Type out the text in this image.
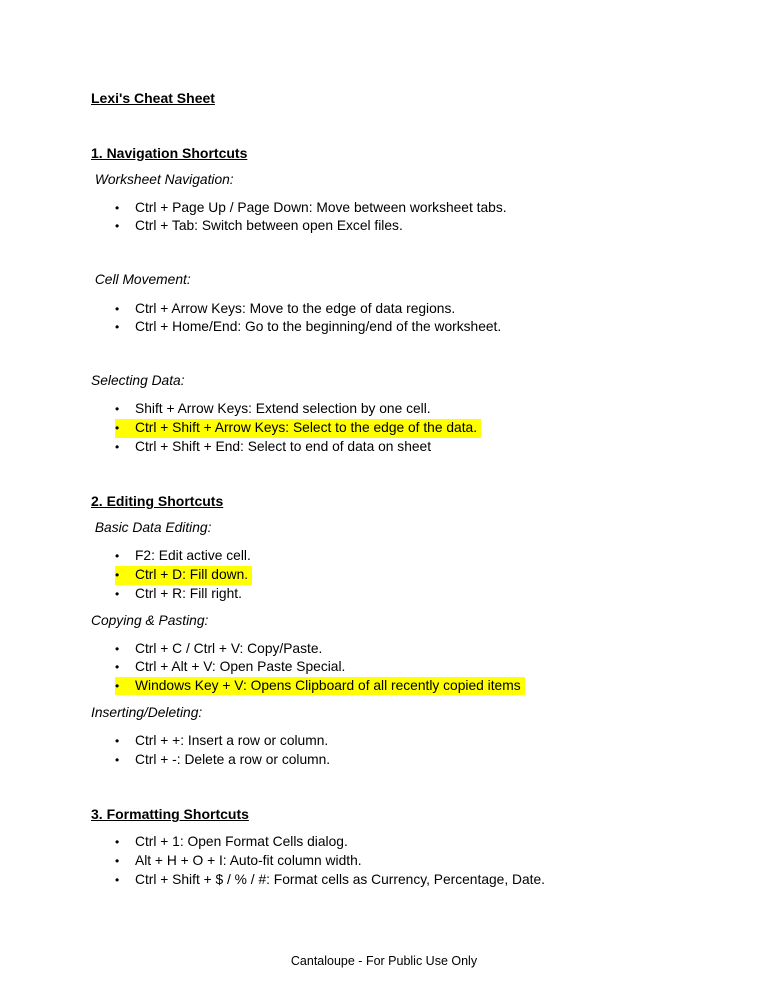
Lexi's Cheat Sheet
1. Navigation Shortcuts
Worksheet Navigation:
• Ctrl + Page Up / Page Down: Move between worksheet tabs.
• Ctrl + Tab: Switch between open Excel files.
Cell Movement:
• Ctrl + Arrow Keys: Move to the edge of data regions.
• Ctrl + Home/End: Go to the beginning/end of the worksheet.
Selecting Data:
• Shift + Arrow Keys: Extend selection by one cell.
• Ctrl + Shift + Arrow Keys: Select to the edge of the data.
• Ctrl + Shift + End: Select to end of data on sheet
2. Editing Shortcuts
Basic Data Editing:
• F2: Edit active cell.
• Ctrl + D: Fill down.
• Ctrl + R: Fill right.
Copying & Pasting:
• Ctrl + C / Ctrl + V: Copy/Paste.
• Ctrl + Alt + V: Open Paste Special.
• Windows Key + V: Opens Clipboard of all recently copied items
Inserting/Deleting:
• Ctrl + +: Insert a row or column.
• Ctrl + -: Delete a row or column.
3. Formatting Shortcuts
• Ctrl + 1: Open Format Cells dialog.
• Alt + H + O + I: Auto-fit column width.
• Ctrl + Shift + $ / % / #: Format cells as Currency, Percentage, Date.
Cantaloupe - For Public Use Only
